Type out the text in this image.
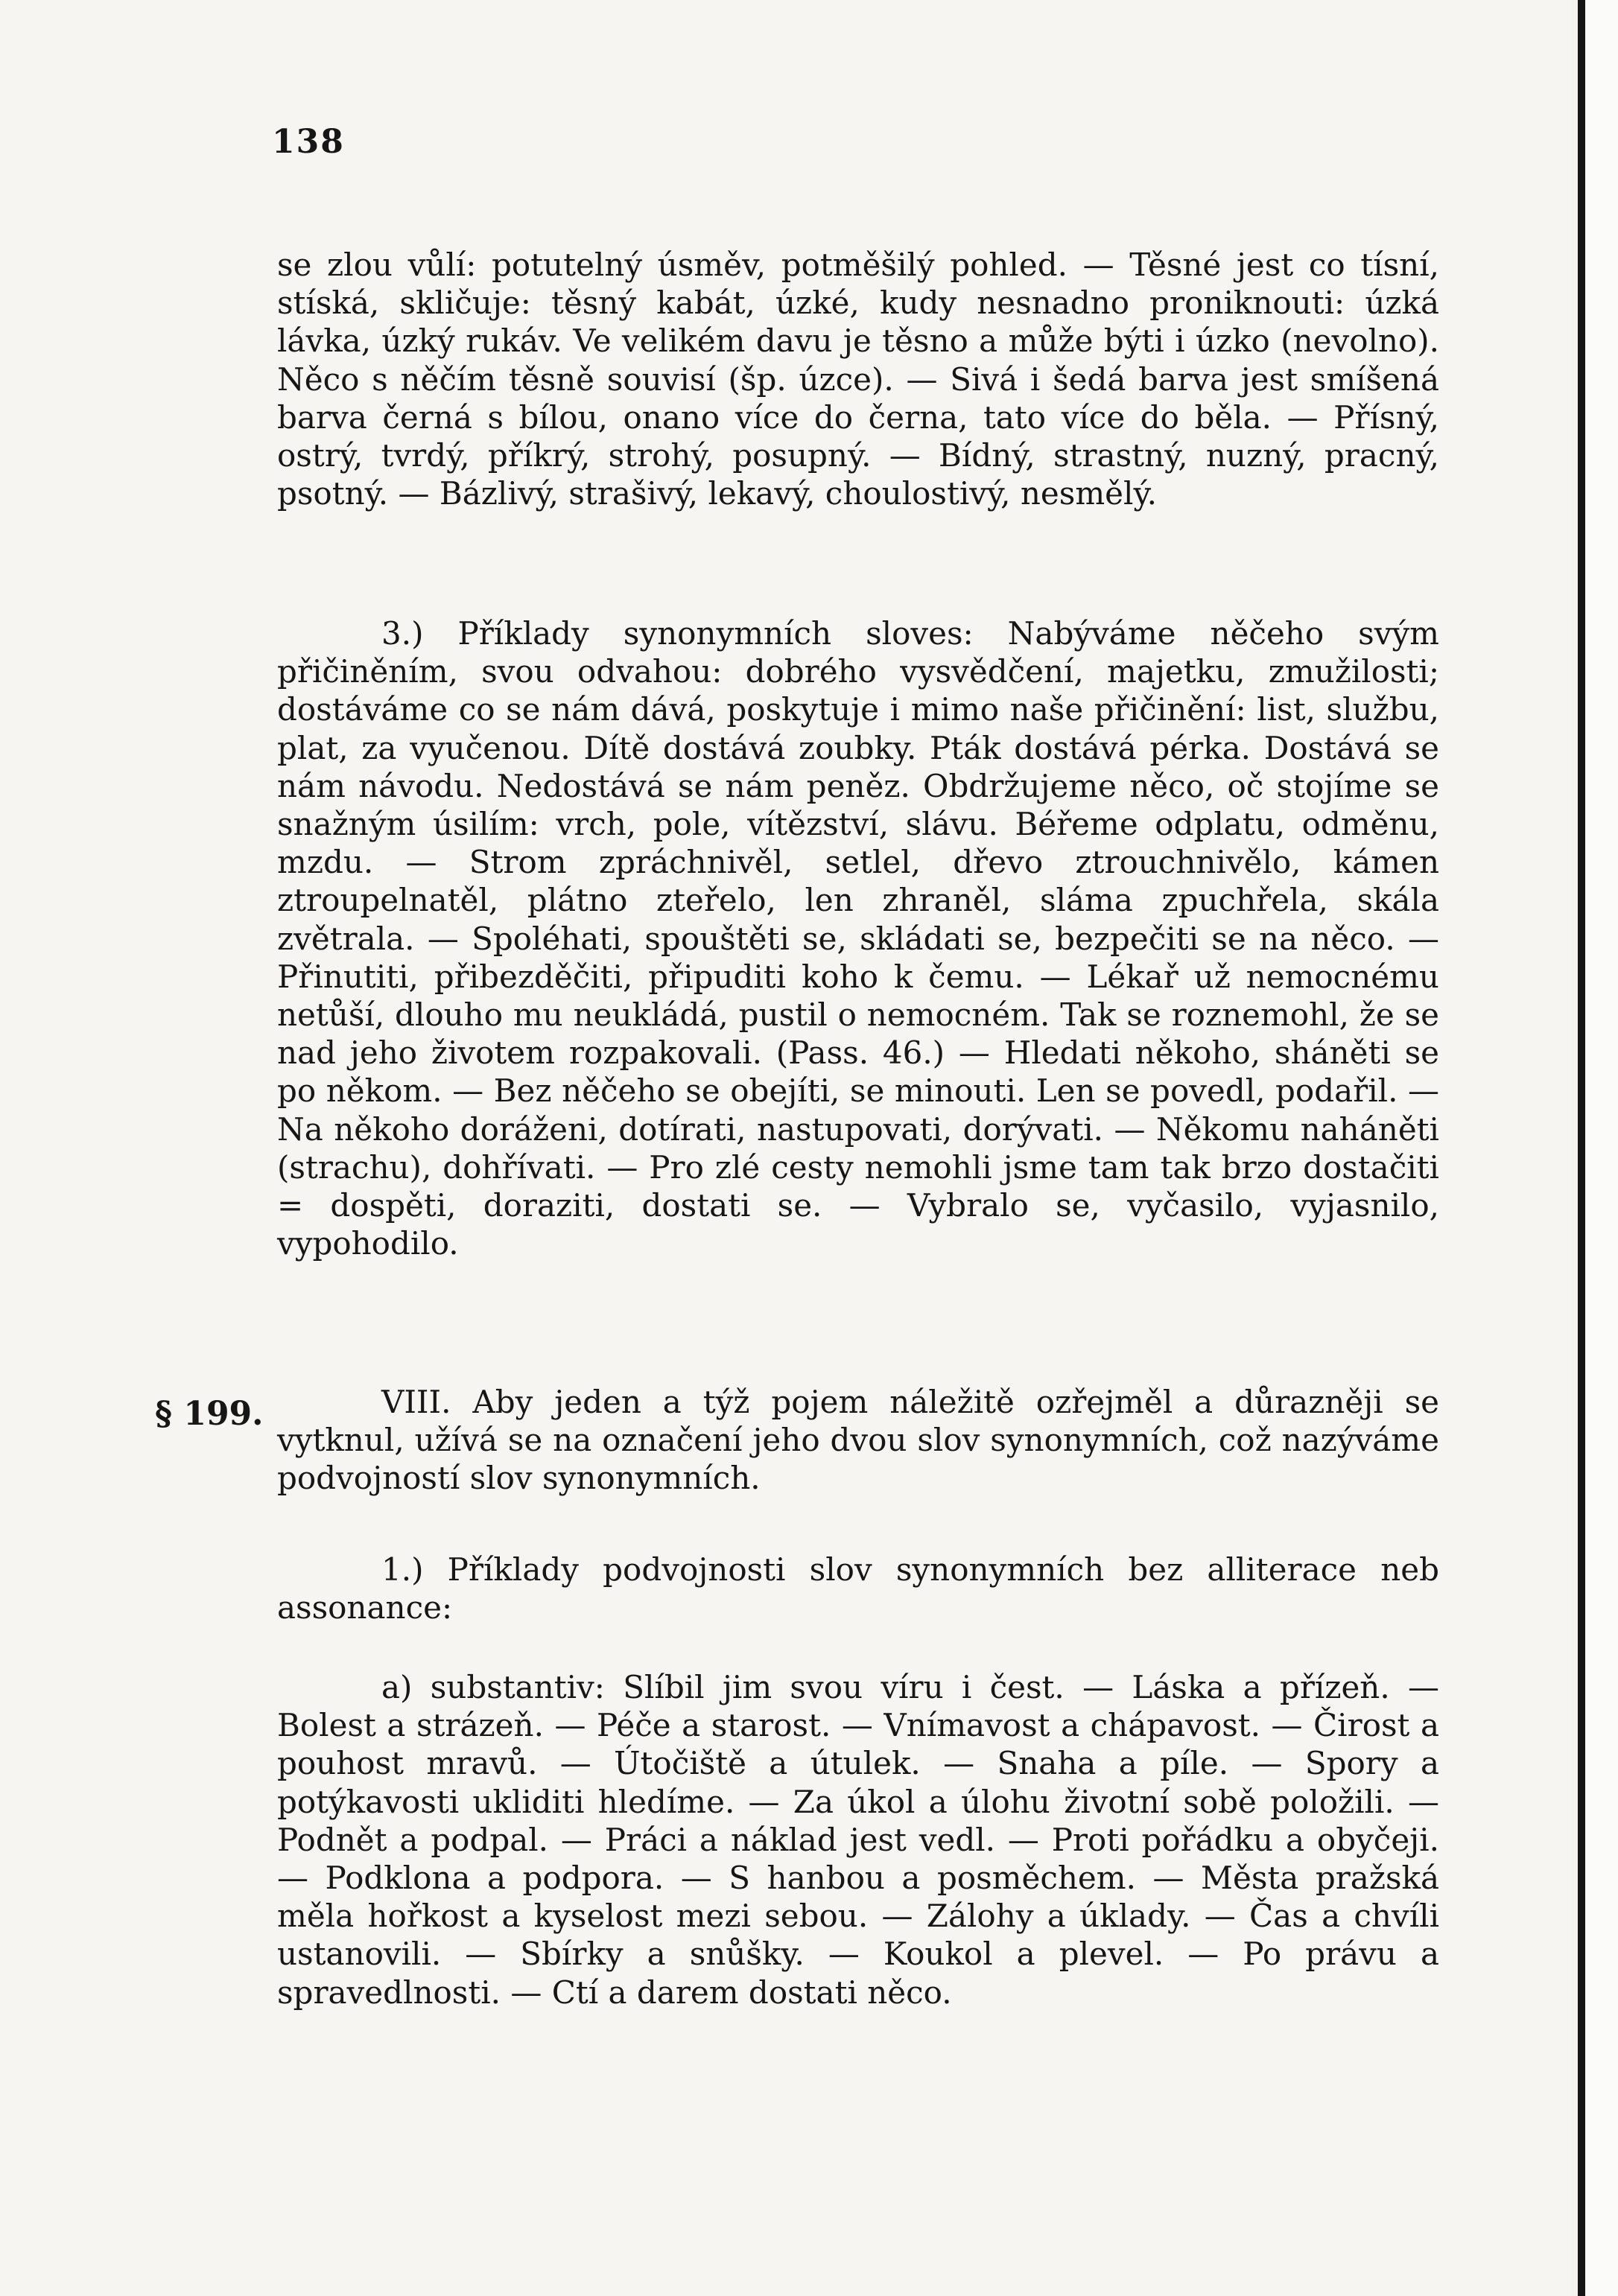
138

se zlou vůlí: potutelný úsměv, potměšilý pohled. — Těsné jest co tísní, stíská, skličuje: těsný kabát, úzké, kudy nesnadno proniknouti: úzká lávka, úzký rukáv. Ve velikém davu je těsno a může býti i úzko (nevolno). Něco s něčím těsně souvisí (šp. úzce). — Sivá i šedá barva jest smíšená barva černá s bílou, onano více do černa, tato více do běla. — Přísný, ostrý, tvrdý, příkrý, strohý, posupný. — Bídný, strastný, nuzný, pracný, psotný. — Bázlivý, strašivý, lekavý, choulostivý, nesmělý.

3.) Příklady synonymních sloves: Nabýváme něčeho svým přičiněním, svou odvahou: dobrého vysvědčení, majetku, zmužilosti; dostáváme co se nám dává, poskytuje i mimo naše přičinění: list, službu, plat, za vyučenou. Dítě dostává zoubky. Pták dostává pérka. Dostává se nám návodu. Nedostává se nám peněz. Obdržujeme něco, oč stojíme se snažným úsilím: vrch, pole, vítězství, slávu. Béřeme odplatu, odměnu, mzdu. — Strom zpráchnivěl, setlel, dřevo ztrouchnivělo, kámen ztroupelnatěl, plátno zteřelo, len zhraněl, sláma zpuchřela, skála zvětrala. — Spoléhati, spouštěti se, skládati se, bezpečiti se na něco. — Přinutiti, přibezděčiti, připuditi koho k čemu. — Lékař už nemocnému netůší, dlouho mu neukládá, pustil o nemocném. Tak se roznemohl, že se nad jeho životem rozpakovali. (Pass. 46.) — Hledati někoho, sháněti se po někom. — Bez něčeho se obejíti, se minouti. Len se povedl, podařil. — Na někoho doráženi, dotírati, nastupovati, dorývati. — Někomu naháněti (strachu), dohřívati. — Pro zlé cesty nemohli jsme tam tak brzo dostačiti = dospěti, doraziti, dostati se. — Vybralo se, vyčasilo, vyjasnilo, vypohodilo.

§ 199.	VIII. Aby jeden a týž pojem náležitě ozřejměl a důrazněji se vytknul, užívá se na označení jeho dvou slov synonymních, což nazýváme podvojností slov synonymních.

1.) Příklady podvojnosti slov synonymních bez alliterace neb assonance:

a) substantiv: Slíbil jim svou víru i čest. — Láska a přízeň. — Bolest a strázeň. — Péče a starost. — Vnímavost a chápavost. — Čirost a pouhost mravů. — Útočiště a útulek. — Snaha a píle. — Spory a potýkavosti ukliditi hledíme. — Za úkol a úlohu životní sobě položili. — Podnět a podpal. — Práci a náklad jest vedl. — Proti pořádku a obyčeji. — Podklona a podpora. — S hanbou a posměchem. — Města pražská měla hořkost a kyselost mezi sebou. — Zálohy a úklady. — Čas a chvíli ustanovili. — Sbírky a snůšky. — Koukol a plevel. — Po právu a spravedlnosti. — Ctí a darem dostati něco.
